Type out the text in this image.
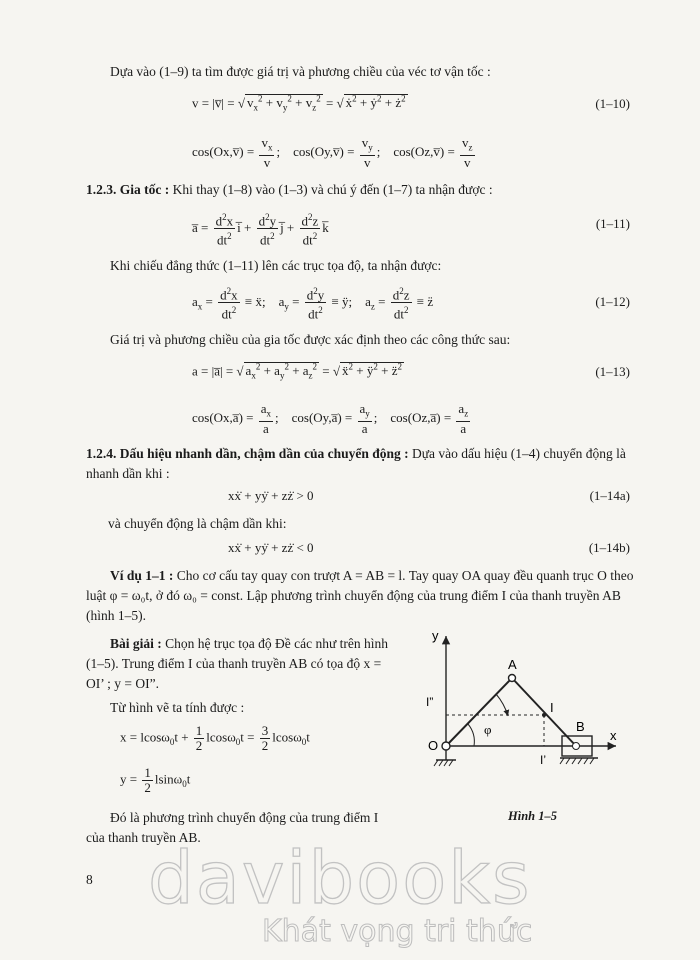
Dựa vào (1–9) ta tìm được giá trị và phương chiều của véc tơ vận tốc :
v = |v̅| = √ $v_x^2 + v_y^2 + v_z^2$ = √ ẋ$^2$ + ẏ$^2$ + $ż^2$	(1–10)
cos(Ox,v̅) = $\frac{v_x}{v}$ ;    cos(Oy,v̅) = $\frac{v_y}{v}$ ;    cos(Oz,v̅) = $\frac{v_z}{v}$
1.2.3. Gia tốc : Khi thay (1–8) vào (1–3) và chú ý đến (1–7) ta nhận được :
a̅ = $\frac{d^2x}{dt^2}$ i̅ + $\frac{d^2y}{dt^2}$ j̅ + $\frac{d^2z}{dt^2}$ k̅	(1–11)
Khi chiếu đẳng thức (1–11) lên các trục tọa độ, ta nhận được:
$a_x = \frac{d^2x}{dt^2}$ ≡ ẍ;    $a_y = \frac{d^2y}{dt^2}$ ≡ ÿ;    $a_z = \frac{d^2z}{dt^2}$ ≡ z̈	(1–12)
Giá trị và phương chiều của gia tốc được xác định theo các công thức sau:
a = |a̅| = √ $a_x^2 + a_y^2 + a_z^2$ = √ ẍ$^2$ + $ÿ^2$ + z̈$^2$	(1–13)
cos(Ox,a̅) = $\frac{a_x}{a}$ ;    cos(Oy,a̅) = $\frac{a_y}{a}$ ;    cos(Oz,a̅) = $\frac{a_z}{a}$
1.2.4. Dấu hiệu nhanh dần, chậm dần của chuyển động : Dựa vào dấu hiệu (1–4) chuyển động là nhanh dần khi :
xẋ̇ + yẏ̇ + zż̇ > 0	(1–14a)
và chuyển động là chậm dần khi:
xẋ̇ + yẏ̇ + zż̇ < 0	(1–14b)
Ví dụ 1–1 : Cho cơ cấu tay quay con trượt A = AB = l. Tay quay OA quay đều quanh trục O theo luật φ = ω₀t, ở đó ω₀ = const. Lập phương trình chuyển động của trung điểm I của thanh truyền AB (hình 1–5).
Bài giải : Chọn hệ trục tọa độ Đề các như trên hình (1–5). Trung điểm I của thanh truyền AB có tọa độ x = OI’ ; y = OI”.
Từ hình vẽ ta tính được :
$x = lcos\omega_0t + \frac{1}{2} lcos\omega_0t = \frac{3}{2} lcos\omega_0t$
$y = \frac{1}{2} lsin\omega_0t$
Đó là phương trình chuyển động của trung điểm I của thanh truyền AB.
y
x
O
A
B
I
I’
I”
φ
Hình 1–5
8 davibooks
Khát vọng tri thức
